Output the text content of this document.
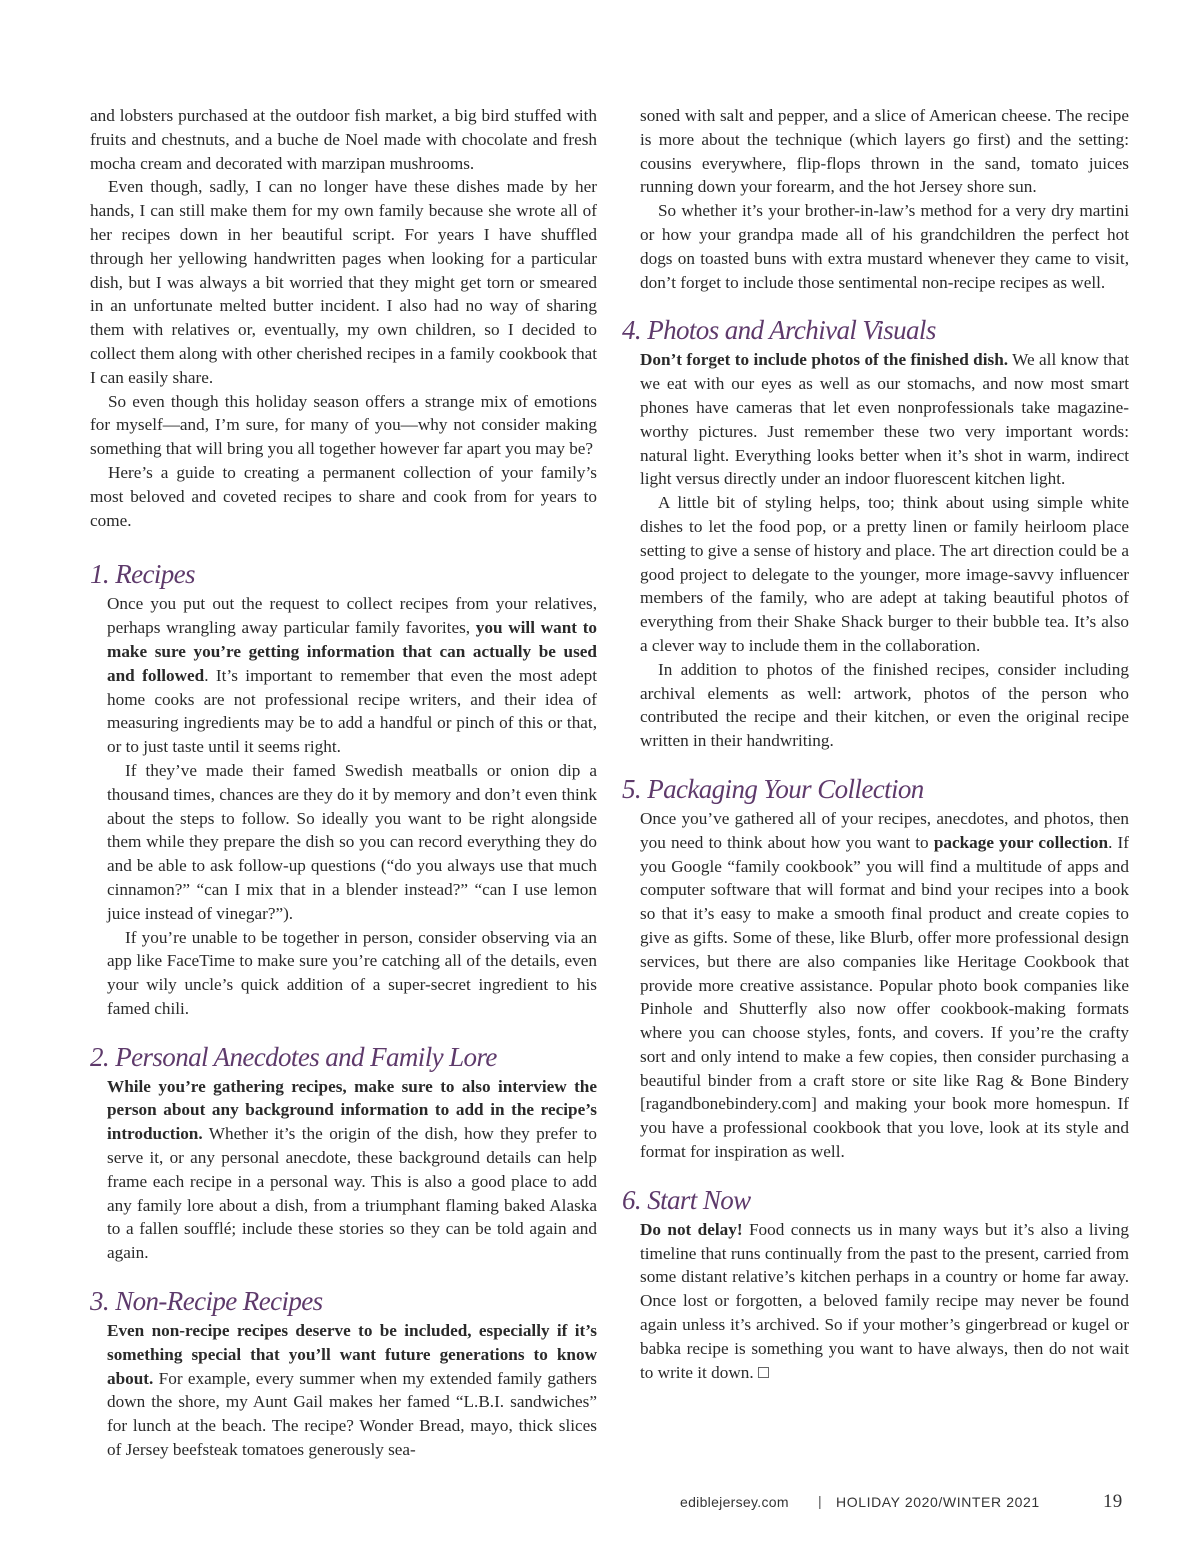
and lobsters purchased at the outdoor fish market, a big bird stuffed with fruits and chestnuts, and a buche de Noel made with chocolate and fresh mocha cream and decorated with marzipan mushrooms.

Even though, sadly, I can no longer have these dishes made by her hands, I can still make them for my own family because she wrote all of her recipes down in her beautiful script. For years I have shuffled through her yellowing handwritten pages when looking for a particular dish, but I was always a bit worried that they might get torn or smeared in an unfortunate melted butter incident. I also had no way of sharing them with relatives or, eventually, my own children, so I decided to collect them along with other cherished recipes in a family cookbook that I can easily share.

So even though this holiday season offers a strange mix of emotions for myself—and, I’m sure, for many of you—why not consider making something that will bring you all together however far apart you may be?

Here’s a guide to creating a permanent collection of your family’s most beloved and coveted recipes to share and cook from for years to come.

1. Recipes

Once you put out the request to collect recipes from your relatives, perhaps wrangling away particular family favorites, you will want to make sure you’re getting information that can actually be used and followed. It’s important to remember that even the most adept home cooks are not professional recipe writers, and their idea of measuring ingredients may be to add a handful or pinch of this or that, or to just taste until it seems right.

If they’ve made their famed Swedish meatballs or onion dip a thousand times, chances are they do it by memory and don’t even think about the steps to follow. So ideally you want to be right alongside them while they prepare the dish so you can record everything they do and be able to ask follow-up questions (“do you always use that much cinnamon?” “can I mix that in a blender instead?” “can I use lemon juice instead of vinegar?”).

If you’re unable to be together in person, consider observing via an app like FaceTime to make sure you’re catching all of the details, even your wily uncle’s quick addition of a super-secret ingredient to his famed chili.

2. Personal Anecdotes and Family Lore

While you’re gathering recipes, make sure to also interview the person about any background information to add in the recipe’s introduction. Whether it’s the origin of the dish, how they prefer to serve it, or any personal anecdote, these background details can help frame each recipe in a personal way. This is also a good place to add any family lore about a dish, from a triumphant flaming baked Alaska to a fallen soufflé; include these stories so they can be told again and again.

3. Non-Recipe Recipes

Even non-recipe recipes deserve to be included, especially if it’s something special that you’ll want future generations to know about. For example, every summer when my extended family gathers down the shore, my Aunt Gail makes her famed “L.B.I. sandwiches” for lunch at the beach. The recipe? Wonder Bread, mayo, thick slices of Jersey beefsteak tomatoes generously sea-

soned with salt and pepper, and a slice of American cheese. The recipe is more about the technique (which layers go first) and the setting: cousins everywhere, flip-flops thrown in the sand, tomato juices running down your forearm, and the hot Jersey shore sun.

So whether it’s your brother-in-law’s method for a very dry martini or how your grandpa made all of his grandchildren the perfect hot dogs on toasted buns with extra mustard whenever they came to visit, don’t forget to include those sentimental non-recipe recipes as well.

4. Photos and Archival Visuals

Don’t forget to include photos of the finished dish. We all know that we eat with our eyes as well as our stomachs, and now most smart phones have cameras that let even nonprofessionals take magazine-worthy pictures. Just remember these two very important words: natural light. Everything looks better when it’s shot in warm, indirect light versus directly under an indoor fluorescent kitchen light.

A little bit of styling helps, too; think about using simple white dishes to let the food pop, or a pretty linen or family heirloom place setting to give a sense of history and place. The art direction could be a good project to delegate to the younger, more image-savvy influencer members of the family, who are adept at taking beautiful photos of everything from their Shake Shack burger to their bubble tea. It’s also a clever way to include them in the collaboration.

In addition to photos of the finished recipes, consider including archival elements as well: artwork, photos of the person who contributed the recipe and their kitchen, or even the original recipe written in their handwriting.

5. Packaging Your Collection

Once you’ve gathered all of your recipes, anecdotes, and photos, then you need to think about how you want to package your collection. If you Google “family cookbook” you will find a multitude of apps and computer software that will format and bind your recipes into a book so that it’s easy to make a smooth final product and create copies to give as gifts. Some of these, like Blurb, offer more professional design services, but there are also companies like Heritage Cookbook that provide more creative assistance. Popular photo book companies like Pinhole and Shutterfly also now offer cookbook-making formats where you can choose styles, fonts, and covers. If you’re the crafty sort and only intend to make a few copies, then consider purchasing a beautiful binder from a craft store or site like Rag & Bone Bindery [ragandbonebindery.com] and making your book more homespun. If you have a professional cookbook that you love, look at its style and format for inspiration as well.

6. Start Now

Do not delay! Food connects us in many ways but it’s also a living timeline that runs continually from the past to the present, carried from some distant relative’s kitchen perhaps in a country or home far away. Once lost or forgotten, a beloved family recipe may never be found again unless it’s archived. So if your mother’s gingerbread or kugel or babka recipe is something you want to have always, then do not wait to write it down.

ediblejersey.com | HOLIDAY 2020/WINTER 2021	19
